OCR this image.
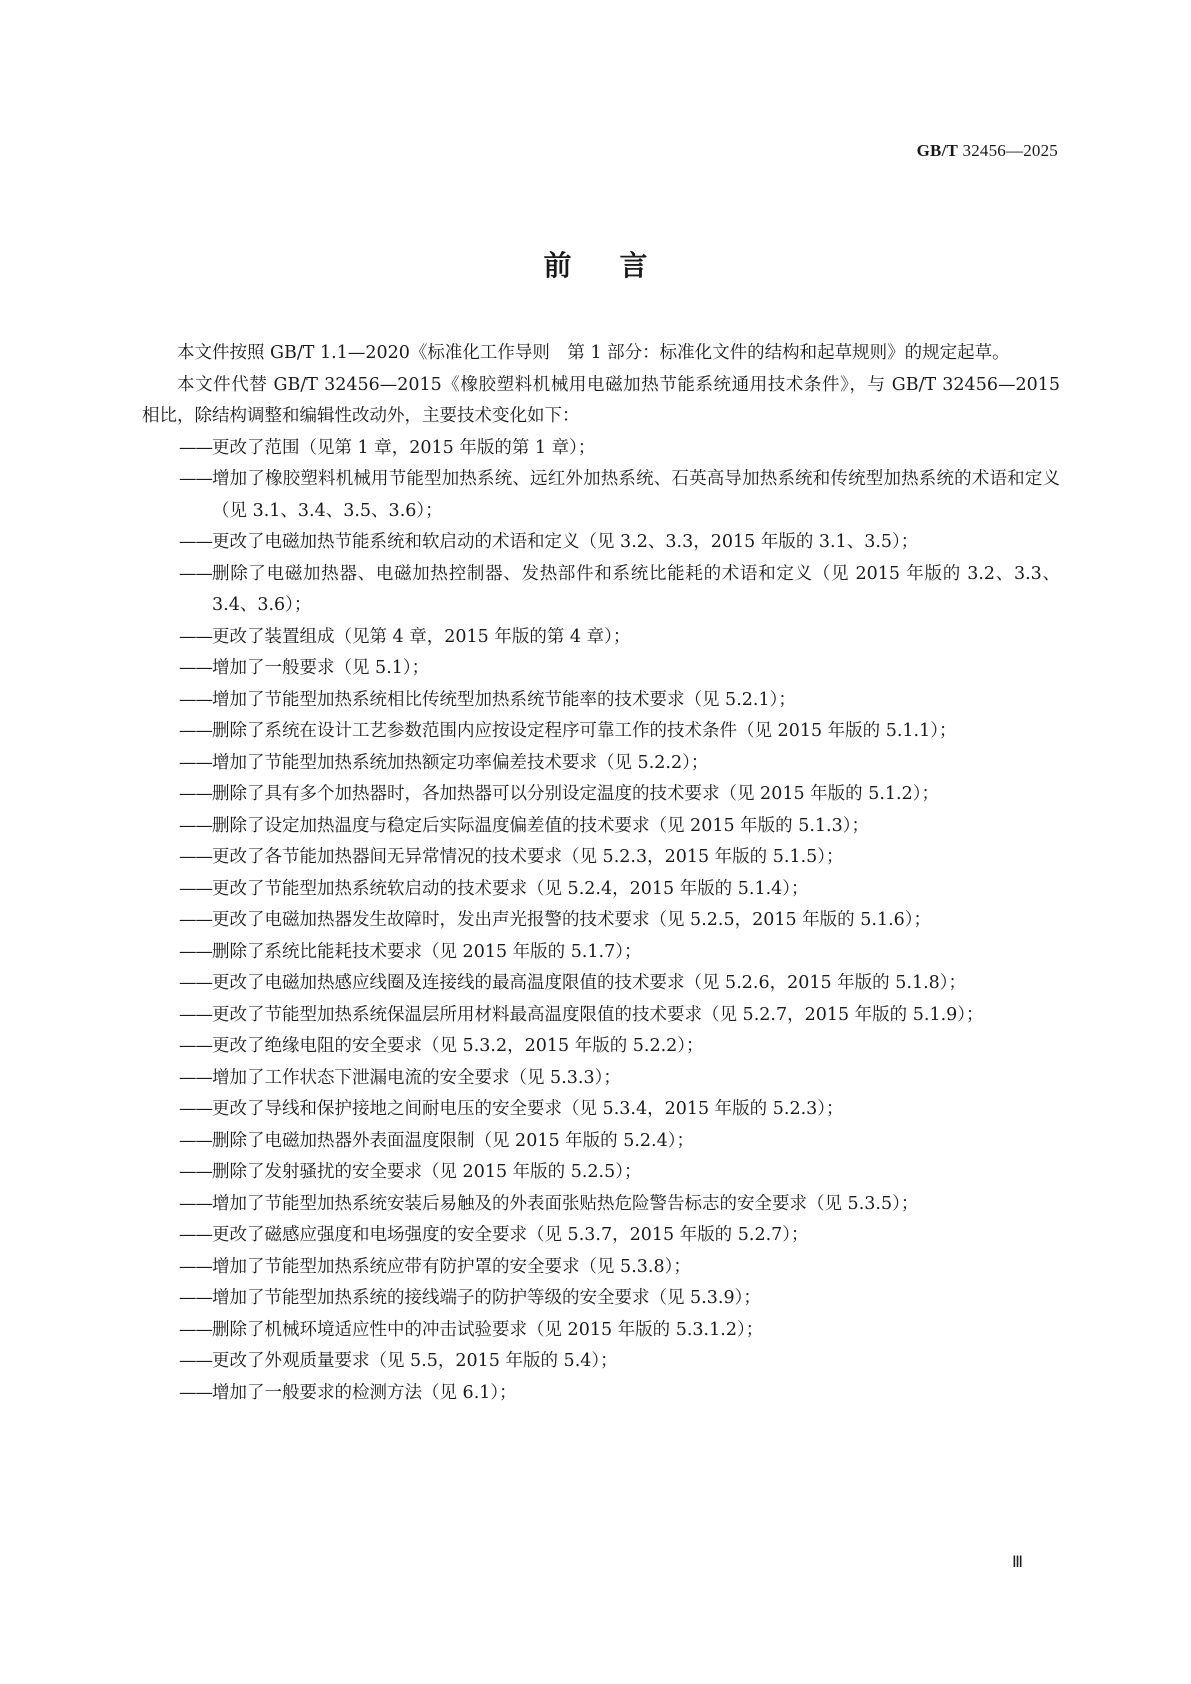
GB/T 32456—2025
前言

本文件按照 GB/T 1.1—2020《标准化工作导则　第 1 部分：标准化文件的结构和起草规则》的规定起草。

本文件代替 GB/T 32456—2015《橡胶塑料机械用电磁加热节能系统通用技术条件》，与 GB/T 32456—2015 相比，除结构调整和编辑性改动外，主要技术变化如下：

—— 更改了范围（见第 1 章，2015 年版的第 1 章）；
—— 增加了橡胶塑料机械用节能型加热系统、远红外加热系统、石英高导加热系统和传统型加热系统的术语和定义（见 3.1、3.4、3.5、3.6）；
—— 更改了电磁加热节能系统和软启动的术语和定义（见 3.2、3.3，2015 年版的 3.1、3.5）；
—— 删除了电磁加热器、电磁加热控制器、发热部件和系统比能耗的术语和定义（见 2015 年版的 3.2、3.3、3.4、3.6）；
—— 更改了装置组成（见第 4 章，2015 年版的第 4 章）；
—— 增加了一般要求（见 5.1）；
—— 增加了节能型加热系统相比传统型加热系统节能率的技术要求（见 5.2.1）；
—— 删除了系统在设计工艺参数范围内应按设定程序可靠工作的技术条件（见 2015 年版的 5.1.1）；
—— 增加了节能型加热系统加热额定功率偏差技术要求（见 5.2.2）；
—— 删除了具有多个加热器时，各加热器可以分别设定温度的技术要求（见 2015 年版的 5.1.2）；
—— 删除了设定加热温度与稳定后实际温度偏差值的技术要求（见 2015 年版的 5.1.3）；
—— 更改了各节能加热器间无异常情况的技术要求（见 5.2.3，2015 年版的 5.1.5）；
—— 更改了节能型加热系统软启动的技术要求（见 5.2.4，2015 年版的 5.1.4）；
—— 更改了电磁加热器发生故障时，发出声光报警的技术要求（见 5.2.5，2015 年版的 5.1.6）；
—— 删除了系统比能耗技术要求（见 2015 年版的 5.1.7）；
—— 更改了电磁加热感应线圈及连接线的最高温度限值的技术要求（见 5.2.6，2015 年版的 5.1.8）；
—— 更改了节能型加热系统保温层所用材料最高温度限值的技术要求（见 5.2.7，2015 年版的 5.1.9）；
—— 更改了绝缘电阻的安全要求（见 5.3.2，2015 年版的 5.2.2）；
—— 增加了工作状态下泄漏电流的安全要求（见 5.3.3）；
—— 更改了导线和保护接地之间耐电压的安全要求（见 5.3.4，2015 年版的 5.2.3）；
—— 删除了电磁加热器外表面温度限制（见 2015 年版的 5.2.4）；
—— 删除了发射骚扰的安全要求（见 2015 年版的 5.2.5）；
—— 增加了节能型加热系统安装后易触及的外表面张贴热危险警告标志的安全要求（见 5.3.5）；
—— 更改了磁感应强度和电场强度的安全要求（见 5.3.7，2015 年版的 5.2.7）；
—— 增加了节能型加热系统应带有防护罩的安全要求（见 5.3.8）；
—— 增加了节能型加热系统的接线端子的防护等级的安全要求（见 5.3.9）；
—— 删除了机械环境适应性中的冲击试验要求（见 2015 年版的 5.3.1.2）；
—— 更改了外观质量要求（见 5.5，2015 年版的 5.4）；
—— 增加了一般要求的检测方法（见 6.1）；
Ⅲ
